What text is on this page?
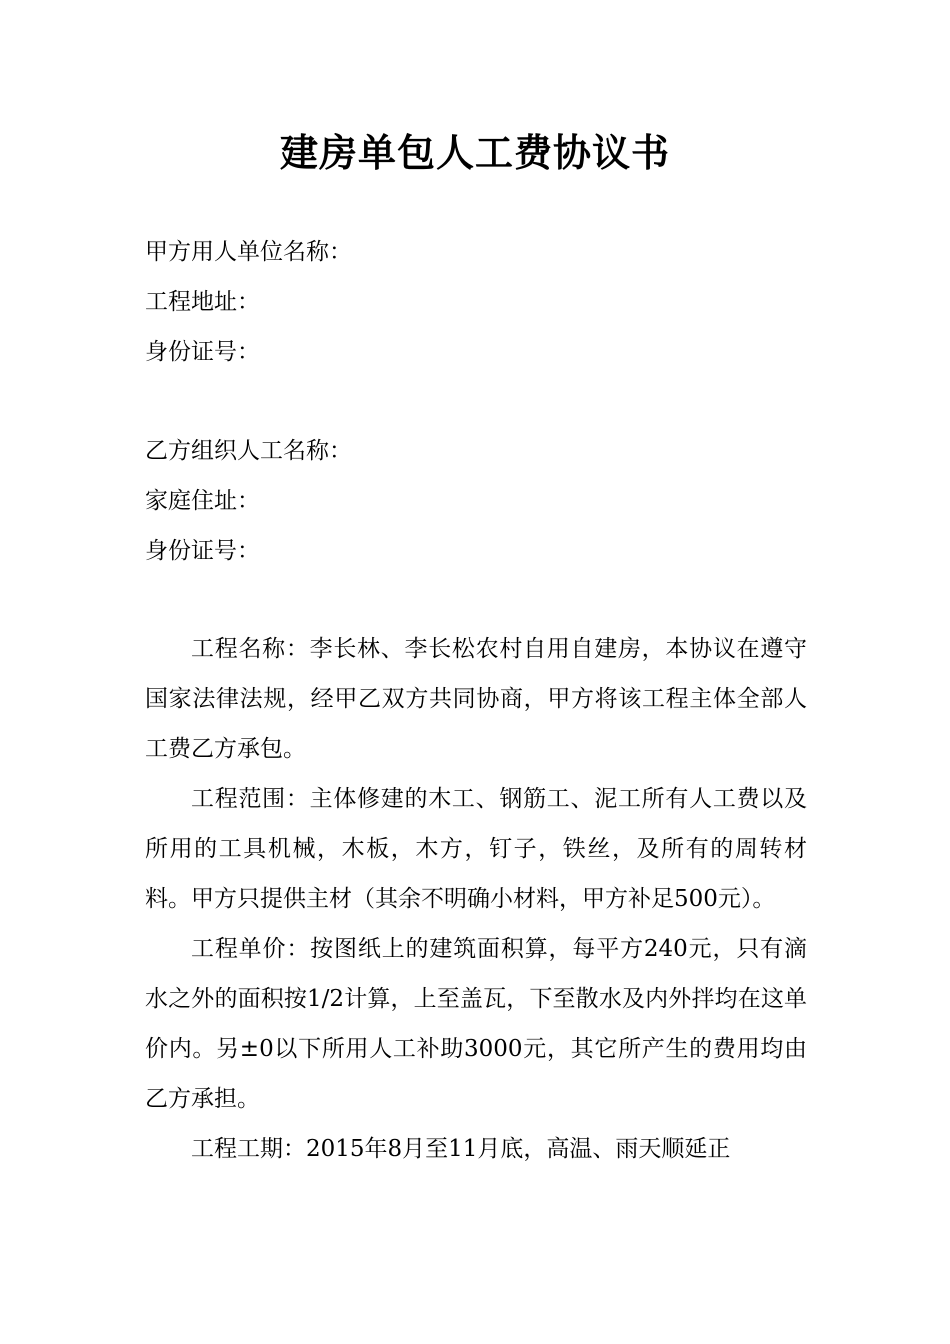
建房单包人工费协议书
甲方用人单位名称：
工程地址：
身份证号：
乙方组织人工名称：
家庭住址：
身份证号：

工程名称：李长林、李长松农村自用自建房，本协议在遵守国家法律法规，经甲乙双方共同协商，甲方将该工程主体全部人工费乙方承包。

工程范围：主体修建的木工、钢筋工、泥工所有人工费以及所用的工具机械，木板，木方，钉子，铁丝，及所有的周转材料。甲方只提供主材（其余不明确小材料，甲方补足500元）。

工程单价：按图纸上的建筑面积算，每平方240元，只有滴水之外的面积按1/2计算，上至盖瓦，下至散水及内外拌均在这单价内。另±0以下所用人工补助3000元，其它所产生的费用均由乙方承担。

工程工期：2015年8月至11月底，高温、雨天顺延正
